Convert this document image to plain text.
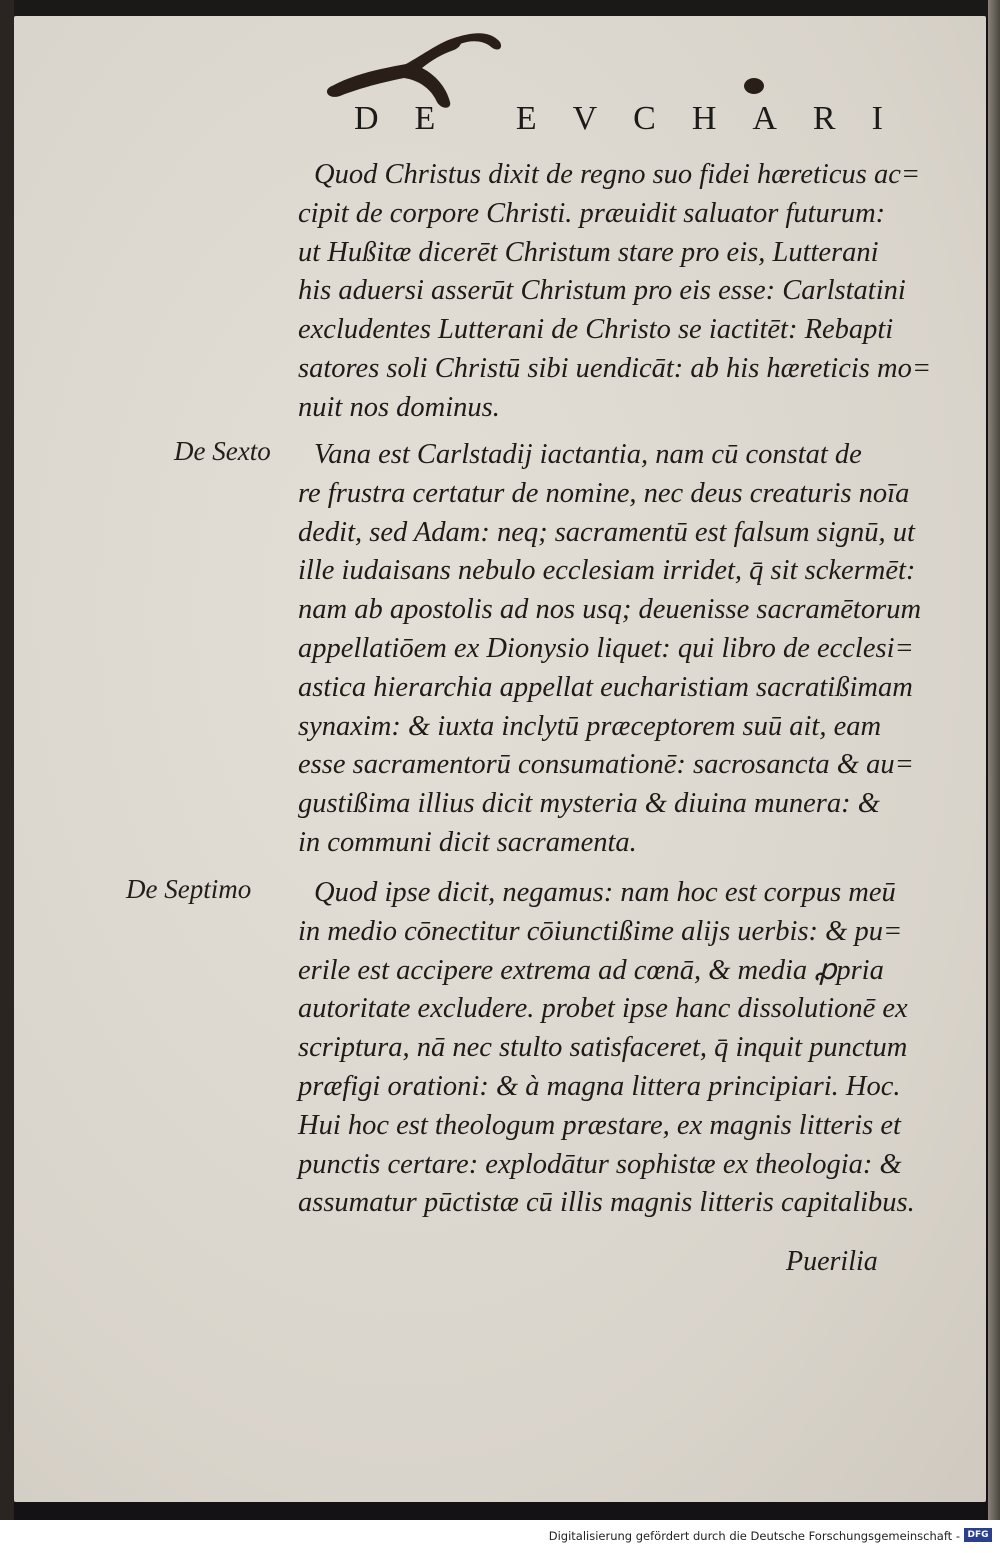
DE EVCHARI

Quod Christus dixit de regno suo fidei hæreticus ac=
cipit de corpore Christi. præuidit saluator futurum:
ut Hußitæ dicerēt Christum stare pro eis, Lutterani
his aduersi asserūt Christum pro eis esse: Carlstatini
excludentes Lutterani de Christo se iactitēt: Rebapti
satores soli Christū sibi uendicāt: ab his hæreticis mo=
nuit nos dominus.

De Sexto	Vana est Carlstadij iactantia, nam cū constat de
re frustra certatur de nomine, nec deus creaturis noīa
dedit, sed Adam: neq; sacramentū est falsum signū, ut
ille iudaisans nebulo ecclesiam irridet, q̄ sit sckermēt:
nam ab apostolis ad nos usq; deuenisse sacramētorum
appellatiōem ex Dionysio liquet: qui libro de ecclesi=
astica hierarchia appellat eucharistiam sacratißimam
synaxim: & iuxta inclytū præceptorem suū ait, eam
esse sacramentorū consumationē: sacrosancta & au=
gustißima illius dicit mysteria & diuina munera: &
in communi dicit sacramenta.

De Septimo	Quod ipse dicit, negamus: nam hoc est corpus meū
in medio cōnectitur cōiunctißime alijs uerbis: & pu=
erile est accipere extrema ad cœnā, & media ꝓpria
autoritate excludere. probet ipse hanc dissolutionē ex
scriptura, nā nec stulto satisfaceret, q̄ inquit punctum
præfigi orationi: & à magna littera principiari. Hoc.
Hui hoc est theologum præstare, ex magnis litteris et
punctis certare: explodātur sophistæ ex theologia: &
assumatur pūctistæ cū illis magnis litteris capitalibus.

Puerilia
Digitalisierung gefördert durch die Deutsche Forschungsgemeinschaft - DFG
